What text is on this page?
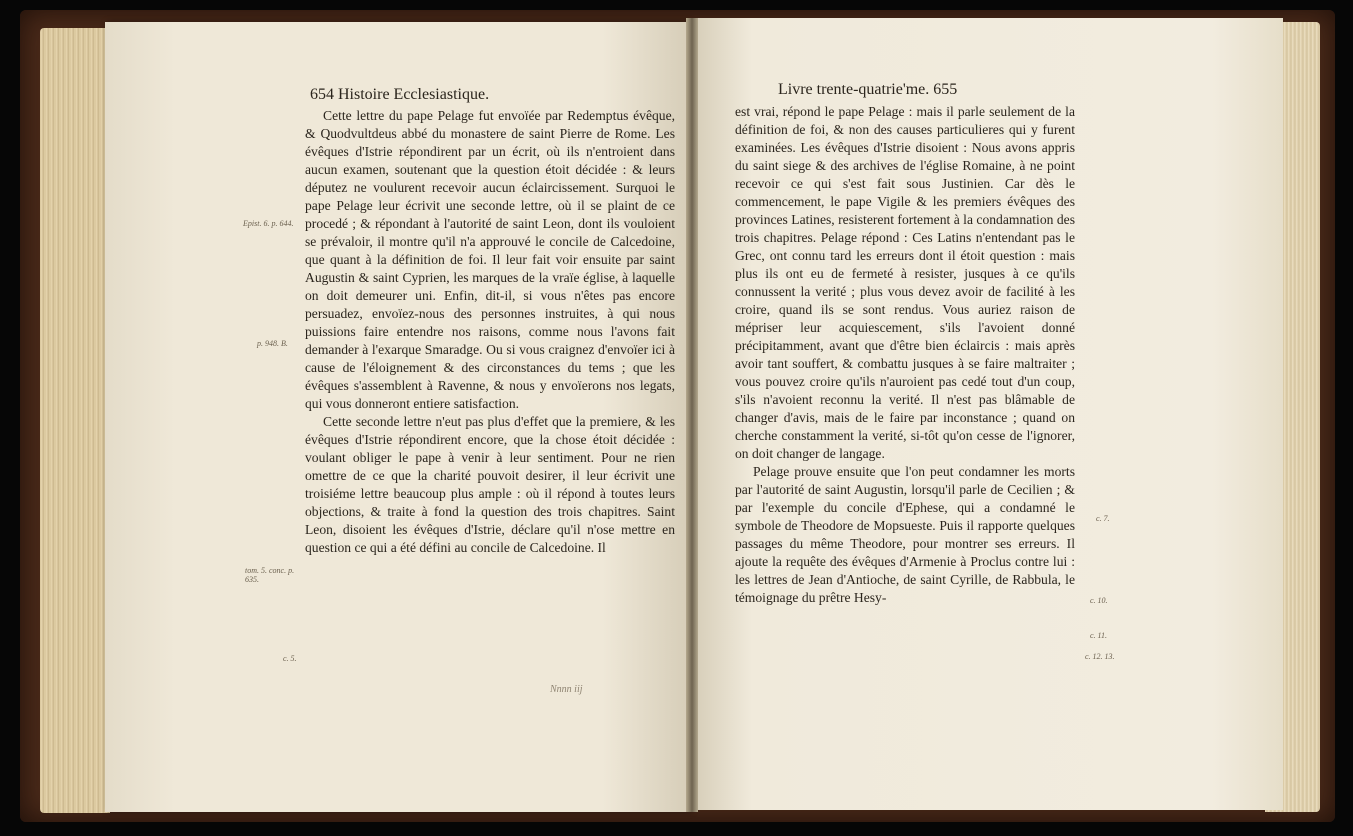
654 Histoire Ecclesiastique.

Cette lettre du pape Pelage fut envoïée par Redemptus évêque, & Quodvultdeus abbé du monastere de saint Pierre de Rome. Les évêques d'Istrie répondirent par un écrit, où ils n'entroient dans aucun examen, soutenant que la question étoit décidée : & leurs députez ne voulurent recevoir aucun éclaircissement. Surquoi le pape Pelage leur écrivit une seconde lettre, où il se plaint de ce procedé ; & répondant à l'autorité de saint Leon, dont ils vouloient se prévaloir, il montre qu'il n'a approuvé le concile de Calcedoine, que quant à la définition de foi. Il leur fait voir ensuite par saint Augustin & saint Cyprien, les marques de la vraïe église, à laquelle on doit demeurer uni. Enfin, dit-il, si vous n'êtes pas encore persuadez, envoïez-nous des personnes instruites, à qui nous puissions faire entendre nos raisons, comme nous l'avons fait demander à l'exarque Smaradge. Ou si vous craignez d'envoïer ici à cause de l'éloignement & des circonstances du tems ; que les évêques s'assemblent à Ravenne, & nous y envoïerons nos legats, qui vous donneront entiere satisfaction.

Cette seconde lettre n'eut pas plus d'effet que la premiere, & les évêques d'Istrie répondirent encore, que la chose étoit décidée : voulant obliger le pape à venir à leur sentiment. Pour ne rien omettre de ce que la charité pouvoit desirer, il leur écrivit une troisiéme lettre beaucoup plus ample : où il répond à toutes leurs objections, & traite à fond la question des trois chapitres. Saint Leon, disoient les évêques d'Istrie, déclare qu'il n'ose mettre en question ce qui a été défini au concile de Calcedoine. Il

Epist. 6. p. 644.
p. 948. B.
tom. 5. conc. p. 635.
c. 5.
Nnnn iij
Livre trente-quatrie'me. 655

est vrai, répond le pape Pelage : mais il parle seulement de la définition de foi, & non des causes particulieres qui y furent examinées. Les évêques d'Istrie disoient : Nous avons appris du saint siege & des archives de l'église Romaine, à ne point recevoir ce qui s'est fait sous Justinien. Car dès le commencement, le pape Vigile & les premiers évêques des provinces Latines, resisterent fortement à la condamnation des trois chapitres. Pelage répond : Ces Latins n'entendant pas le Grec, ont connu tard les erreurs dont il étoit question : mais plus ils ont eu de fermeté à resister, jusques à ce qu'ils connussent la verité ; plus vous devez avoir de facilité à les croire, quand ils se sont rendus. Vous auriez raison de mépriser leur acquiescement, s'ils l'avoient donné précipitamment, avant que d'être bien éclaircis : mais après avoir tant souffert, & combattu jusques à se faire maltraiter ; vous pouvez croire qu'ils n'auroient pas cedé tout d'un coup, s'ils n'avoient reconnu la verité. Il n'est pas blâmable de changer d'avis, mais de le faire par inconstance ; quand on cherche constamment la verité, si-tôt qu'on cesse de l'ignorer, on doit changer de langage.

Pelage prouve ensuite que l'on peut condamner les morts par l'autorité de saint Augustin, lorsqu'il parle de Cecilien ; & par l'exemple du concile d'Ephese, qui a condamné le symbole de Theodore de Mopsueste. Puis il rapporte quelques passages du même Theodore, pour montrer ses erreurs. Il ajoute la requête des évêques d'Armenie à Proclus contre lui : les lettres de Jean d'Antioche, de saint Cyrille, de Rabbula, le témoignage du prêtre Hesy-

c. 7.
c. 10.
c. 11.
c. 12. 13.
